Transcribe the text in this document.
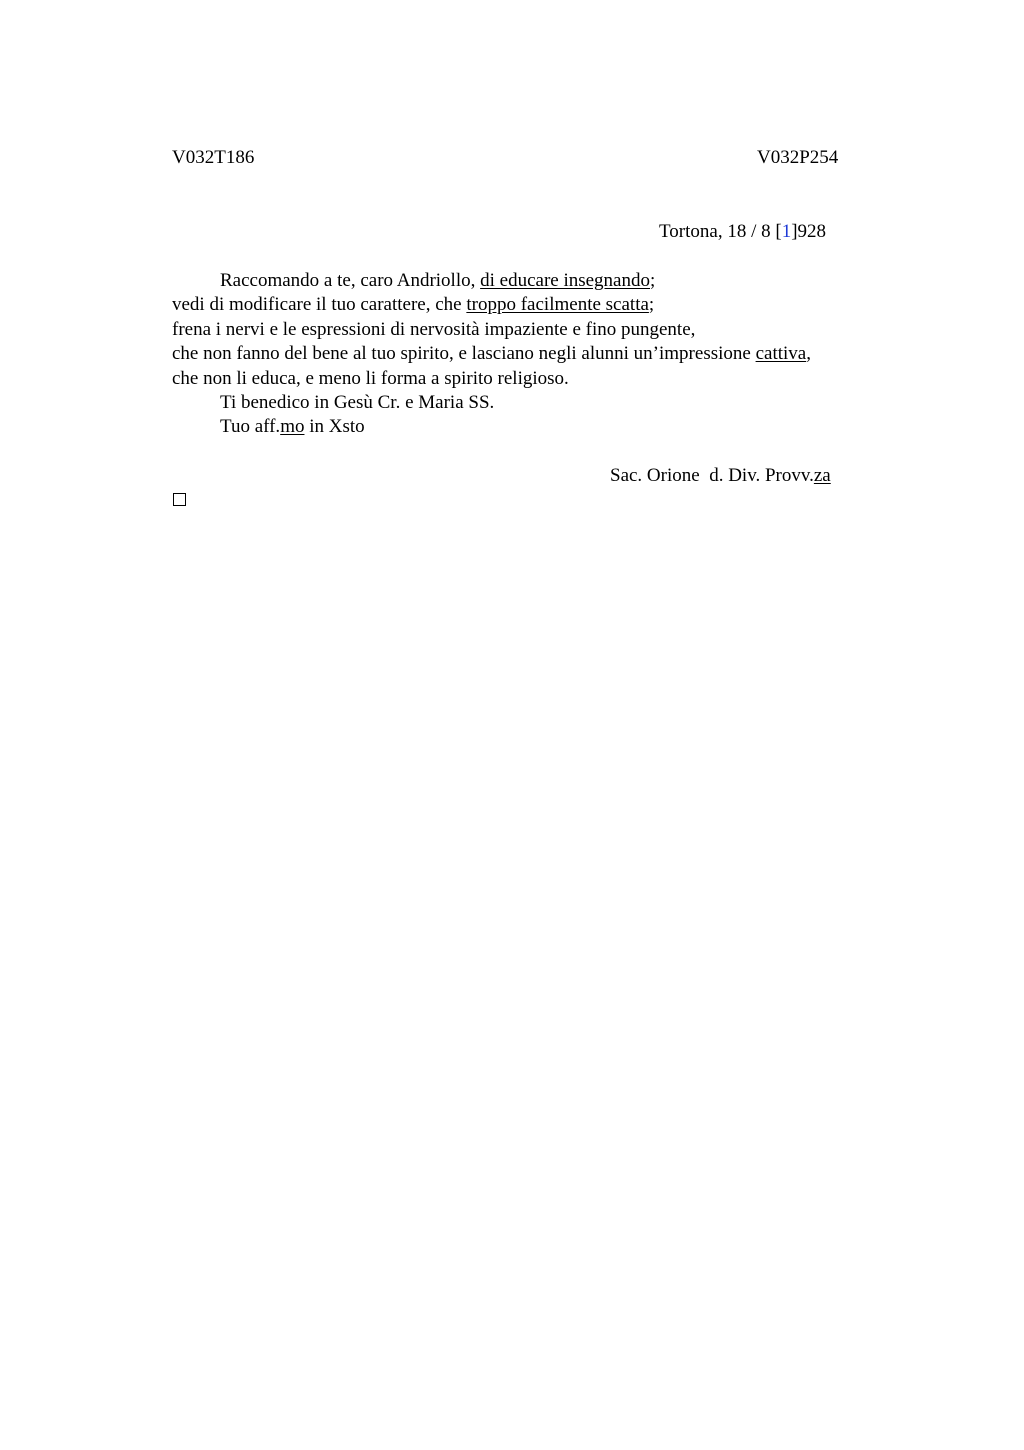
V032T186	V032P254
Tortona, 18 / 8 [1]928
Raccomando a te, caro Andriollo, di educare insegnando;
vedi di modificare il tuo carattere, che troppo facilmente scatta;
frena i nervi e le espressioni di nervosità impaziente e fino pungente,
che non fanno del bene al tuo spirito, e lasciano negli alunni un’impressione cattiva,
che non li educa, e meno li forma a spirito religioso.
Ti benedico in Gesù Cr. e Maria SS.
Tuo aff.mo in Xsto
Sac. Orione  d. Div. Provv.za
